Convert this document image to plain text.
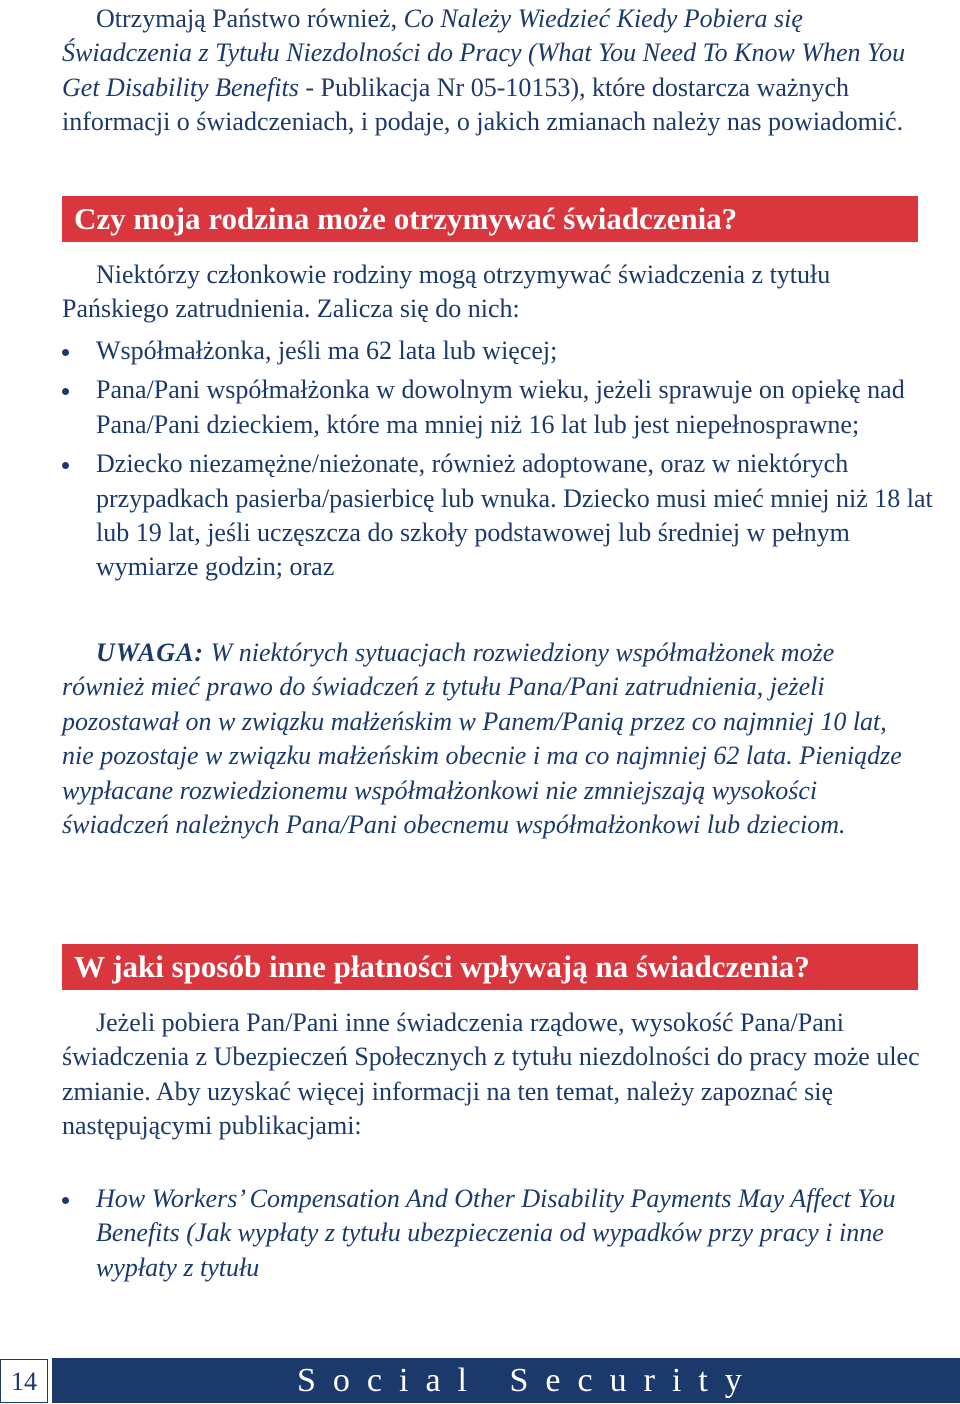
Otrzymają Państwo również, Co Należy Wiedzieć Kiedy Pobiera się Świadczenia z Tytułu Niezdolności do Pracy (What You Need To Know When You Get Disability Benefits - Publikacja Nr 05-10153), które dostarcza ważnych informacji o świadczeniach, i podaje, o jakich zmianach należy nas powiadomić.

Czy moja rodzina może otrzymywać świadczenia?

Niektórzy członkowie rodziny mogą otrzymywać świadczenia z tytułu Pańskiego zatrudnienia. Zalicza się do nich:

Współmałżonka, jeśli ma 62 lata lub więcej;
Pana/Pani współmałżonka w dowolnym wieku, jeżeli sprawuje on opiekę nad Pana/Pani dzieckiem, które ma mniej niż 16 lat lub jest niepełnosprawne;
Dziecko niezamężne/nieżonate, również adoptowane, oraz w niektórych przypadkach pasierba/pasierbicę lub wnuka. Dziecko musi mieć mniej niż 18 lat lub 19 lat, jeśli uczęszcza do szkoły podstawowej lub średniej w pełnym wymiarze godzin; oraz

UWAGA: W niektórych sytuacjach rozwiedziony współmałżonek może również mieć prawo do świadczeń z tytułu Pana/Pani zatrudnienia, jeżeli pozostawał on w związku małżeńskim w Panem/Panią przez co najmniej 10 lat, nie pozostaje w związku małżeńskim obecnie i ma co najmniej 62 lata. Pieniądze wypłacane rozwiedzionemu współmałżonkowi nie zmniejszają wysokości świadczeń należnych Pana/Pani obecnemu współmałżonkowi lub dzieciom.

W jaki sposób inne płatności wpływają na świadczenia?

Jeżeli pobiera Pan/Pani inne świadczenia rządowe, wysokość Pana/Pani świadczenia z Ubezpieczeń Społecznych z tytułu niezdolności do pracy może ulec zmianie. Aby uzyskać więcej informacji na ten temat, należy zapoznać się następującymi publikacjami:

How Workers’ Compensation And Other Disability Payments May Affect You Benefits (Jak wypłaty z tytułu ubezpieczenia od wypadków przy pracy i inne wypłaty z tytułu
14	Social Security
